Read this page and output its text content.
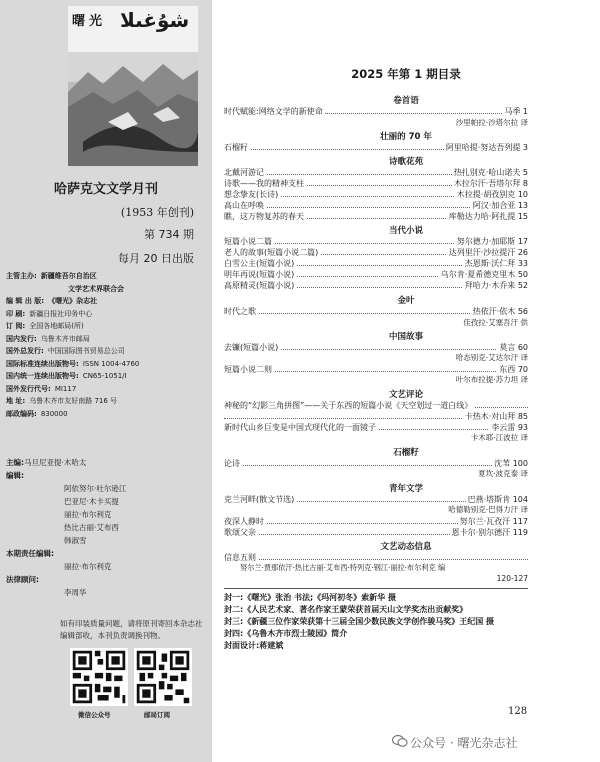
曙光 شۇغىلا
哈萨克文文学月刊
(1953 年创刊)
第 734 期
每月 20 日出版
主管主办: 新疆维吾尔自治区
文学艺术界联合会
编 辑 出 版: 《曙光》杂志社
印 刷: 新疆日报社印务中心
订 阅: 全国各地邮局(所)
国内发行: 乌鲁木齐市邮局
国外总发行: 中国国际图书贸易总公司
国际标准连续出版物号: ISSN 1004-4760
国内统一连续出版物号: CN65-1051/I
国外发行代号: MI117
地 址: 乌鲁木齐市友好南路 716 号
邮政编码: 830000
主编:马旦尼亚提·木哈太
编辑:
阿依努尔·吐尔逊江
巴亚尼·木卡买提
丽拉·布尔利克
热比古丽·艾布西
韩淑雪
本期责任编辑:
丽拉·布尔利克
法律顾问:
李周华
如有印装质量问题，请将原刊寄回本杂志社编辑部收，本刊负责调换刊物。
微信公众号	邮局订阅
2025 年第 1 期目录
卷首语
时代赋能:网络文学的新使命	马季 1
沙里帕拉·沙塔尔拉 译
壮丽的 70 年
石榴籽	阿里哈提·努达吾列提 3
诗歌花苑
北戴河游记	热扎别克·哈山诺夫 5
诗歌——我的精神支柱	木拉尔汗·吾塔尔拜 8
想念挚友(长诗)	木拉提·胡孜别克 10
高山在呼唤	阿汉·加合亚 13
瞧，这万物复苏的春天	库勒达力哈·阿扎提 15
当代小说
短篇小说二篇	努尔德力·加耶斯 17
老人的故事(短篇小说二篇)	达列里汗·沙拉提汗 26
白雪公主(短篇小说)	杰恩斯·沃仁拜 33
明年再说(短篇小说)	乌尔肯·夏希德克里木 50
高原精灵(短篇小说)	拜哈力·木乔来 52
金叶
时代之歌	热依汗·依木 56
佳孜拉·艾塞吾汗 供
中国故事
去镰(短篇小说)	莫言 60
哈态别克·艾达尔汗 译
短篇小说二则	东西 70
叶尔布拉提·苏力坦 译
文艺评论
神秘的“幻影三角拼图”——关于东西的短篇小说《天空划过一道白线》
卡热木·对山拜 85
新时代山乡巨变是中国式现代化的一面镜子	李云雷 93
卡木耶·江波拉 译
石榴籽
论诗	沈苇 100
夏坎·波克泰 译
青年文学
克兰河畔(散文节选)	巴燕·塔斯肯 104
哈德勒别克·巴得力汗 译
夜深人静时	努尔兰·瓦孜汗 117
歌颂父亲	恩卡尔·别尔德汗 119
文艺动态信息
信息五则
努尔兰·贾那依汗·热比古丽·艾布西·特列克·钢江·丽拉·布尔利克 编
120-127
封一:《曙光》张治 书法;《玛河初冬》索新华 摄
封二:《人民艺术家、著名作家王蒙荣获首届天山文学奖杰出贡献奖》
封三:《新疆三位作家荣获第十三届全国少数民族文学创作骏马奖》王纪国 摄
封四:《乌鲁木齐市烈士陵园》简介
封面设计:蒋建斌
128
公众号 · 曙光杂志社
